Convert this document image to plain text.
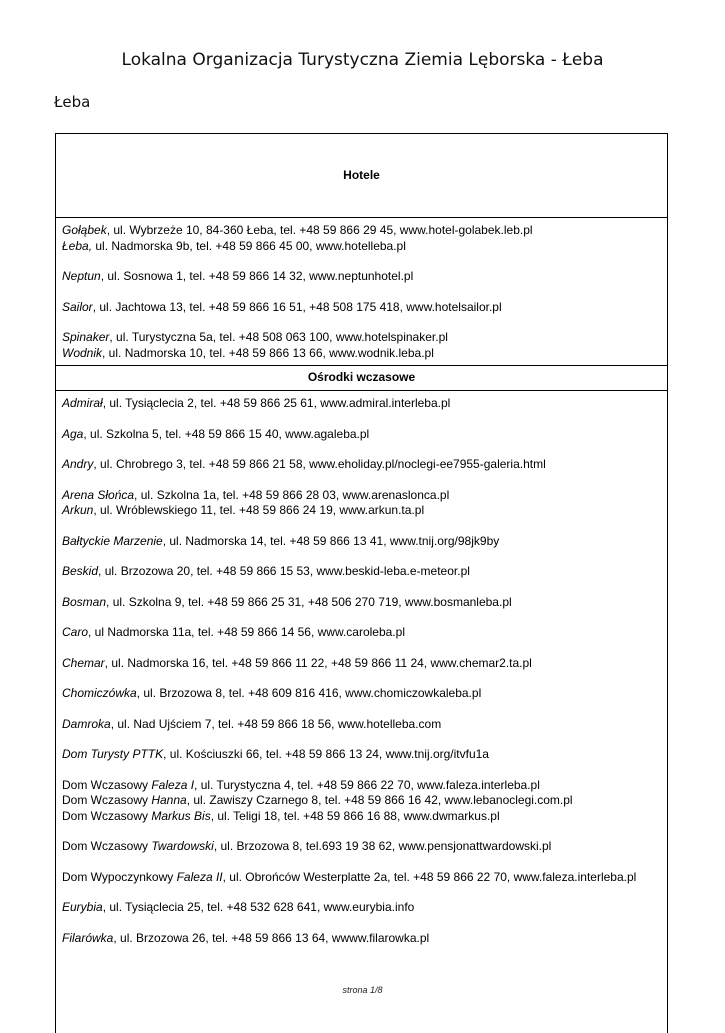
Lokalna Organizacja Turystyczna Ziemia Lęborska - Łeba
Łeba
Hotele
Gołąbek, ul. Wybrzeże 10, 84-360 Łeba, tel. +48 59 866 29 45, www.hotel-golabek.leb.pl
Łeba, ul. Nadmorska 9b, tel. +48 59 866 45 00, www.hotelleba.pl
Neptun, ul. Sosnowa 1, tel. +48 59 866 14 32, www.neptunhotel.pl
Sailor, ul. Jachtowa 13, tel. +48 59 866 16 51, +48 508 175 418, www.hotelsailor.pl
Spinaker, ul. Turystyczna 5a, tel. +48 508 063 100, www.hotelspinaker.pl
Wodnik, ul. Nadmorska 10, tel. +48 59 866 13 66, www.wodnik.leba.pl
Ośrodki wczasowe
Admirał, ul. Tysiąclecia 2, tel. +48 59 866 25 61, www.admiral.interleba.pl
Aga, ul. Szkolna 5, tel. +48 59 866 15 40, www.agaleba.pl
Andry, ul. Chrobrego 3, tel. +48 59 866 21 58, www.eholiday.pl/noclegi-ee7955-galeria.html
Arena Słońca, ul. Szkolna 1a, tel. +48 59 866 28 03, www.arenaslonca.pl
Arkun, ul. Wróblewskiego 11, tel. +48 59 866 24 19, www.arkun.ta.pl
Bałtyckie Marzenie, ul. Nadmorska 14, tel. +48 59 866 13 41, www.tnij.org/98jk9by
Beskid, ul. Brzozowa 20, tel. +48 59 866 15 53, www.beskid-leba.e-meteor.pl
Bosman, ul. Szkolna 9, tel. +48 59 866 25 31, +48 506 270 719, www.bosmanleba.pl
Caro, ul Nadmorska 11a, tel. +48 59 866 14 56, www.caroleba.pl
Chemar, ul. Nadmorska 16, tel. +48 59 866 11 22, +48 59 866 11 24, www.chemar2.ta.pl
Chomiczówka, ul. Brzozowa 8, tel. +48 609 816 416, www.chomiczowkaleba.pl
Damroka, ul. Nad Ujściem 7, tel. +48 59 866 18 56, www.hotelleba.com
Dom Turysty PTTK, ul. Kościuszki 66, tel. +48 59 866 13 24, www.tnij.org/itvfu1a
Dom Wczasowy Faleza I, ul. Turystyczna 4, tel. +48 59 866 22 70, www.faleza.interleba.pl
Dom Wczasowy Hanna, ul. Zawiszy Czarnego 8, tel. +48 59 866 16 42, www.lebanoclegi.com.pl
Dom Wczasowy Markus Bis, ul. Teligi 18, tel. +48 59 866 16 88, www.dwmarkus.pl
Dom Wczasowy Twardowski, ul. Brzozowa 8, tel.693 19 38 62, www.pensjonattwardowski.pl
Dom Wypoczynkowy Faleza II, ul. Obrońców Westerplatte 2a, tel. +48 59 866 22 70, www.faleza.interleba.pl
Eurybia, ul. Tysiąclecia 25, tel. +48 532 628 641, www.eurybia.info
Filarówka, ul. Brzozowa 26, tel. +48 59 866 13 64, wwww.filarowka.pl
strona 1/8
